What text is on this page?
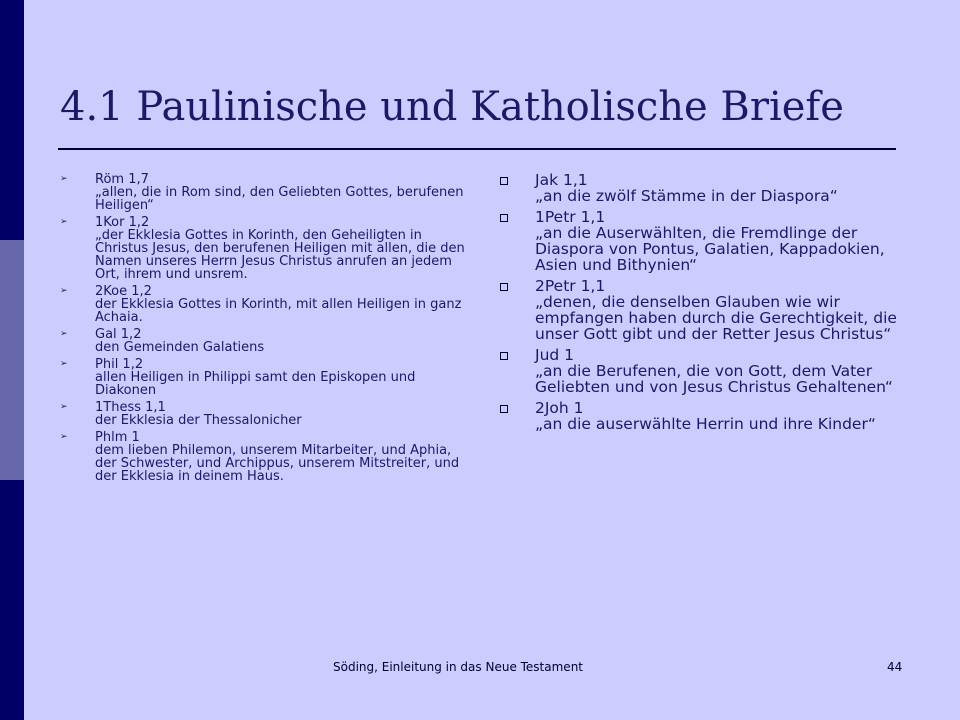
4.1 Paulinische und Katholische Briefe
➢ Röm 1,7
„allen, die in Rom sind, den Geliebten Gottes, berufenen Heiligen“
➢ 1Kor 1,2
„der Ekklesia Gottes in Korinth, den Geheiligten in Christus Jesus, den berufenen Heiligen mit allen, die den Namen unseres Herrn Jesus Christus anrufen an jedem Ort, ihrem und unsrem.
➢ 2Koe 1,2
der Ekklesia Gottes in Korinth, mit allen Heiligen in ganz Achaia.
➢ Gal 1,2
den Gemeinden Galatiens
➢ Phil 1,2
allen Heiligen in Philippi samt den Episkopen und Diakonen
➢ 1Thess 1,1
der Ekklesia der Thessalonicher
➢ Phlm 1
dem lieben Philemon, unserem Mitarbeiter, und Aphia, der Schwester, und Archippus, unserem Mitstreiter, und der Ekklesia in deinem Haus.
Jak 1,1
„an die zwölf Stämme in der Diaspora“
1Petr 1,1
„an die Auserwählten, die Fremdlinge der Diaspora von Pontus, Galatien, Kappadokien, Asien und Bithynien“
2Petr 1,1
„denen, die denselben Glauben wie wir empfangen haben durch die Gerechtigkeit, die unser Gott gibt und der Retter Jesus Christus“
Jud 1
„an die Berufenen, die von Gott, dem Vater Geliebten und von Jesus Christus Gehaltenen“
2Joh 1
„an die auserwählte Herrin und ihre Kinder“
Söding, Einleitung in das Neue Testament	44
